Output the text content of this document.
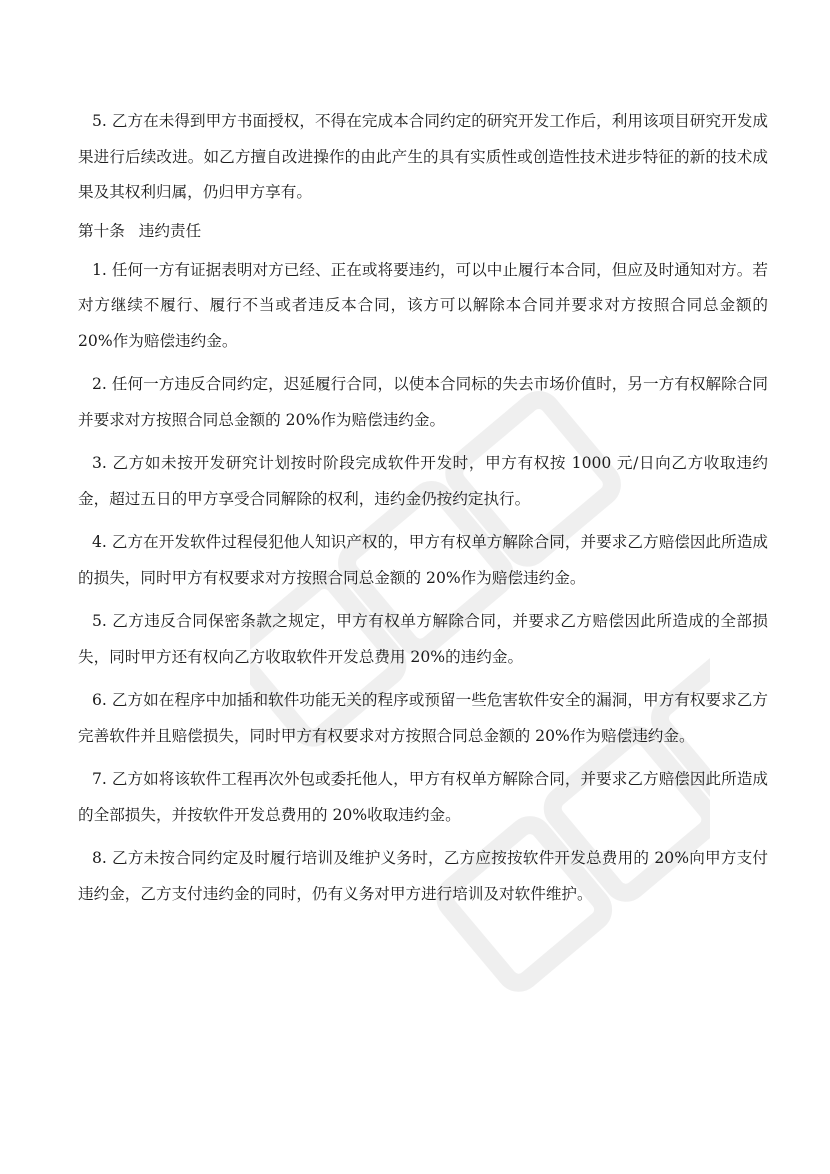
5. 乙方在未得到甲方书面授权，不得在完成本合同约定的研究开发工作后，利用该项目研究开发成果进行后续改进。如乙方擅自改进操作的由此产生的具有实质性或创造性技术进步特征的新的技术成果及其权利归属，仍归甲方享有。

第十条 违约责任

1. 任何一方有证据表明对方已经、正在或将要违约，可以中止履行本合同，但应及时通知对方。若对方继续不履行、履行不当或者违反本合同，该方可以解除本合同并要求对方按照合同总金额的 20%作为赔偿违约金。

2. 任何一方违反合同约定，迟延履行合同，以使本合同标的失去市场价值时，另一方有权解除合同并要求对方按照合同总金额的 20%作为赔偿违约金。

3. 乙方如未按开发研究计划按时阶段完成软件开发时，甲方有权按 1000 元/日向乙方收取违约金，超过五日的甲方享受合同解除的权利，违约金仍按约定执行。

4. 乙方在开发软件过程侵犯他人知识产权的，甲方有权单方解除合同，并要求乙方赔偿因此所造成的损失，同时甲方有权要求对方按照合同总金额的 20%作为赔偿违约金。

5. 乙方违反合同保密条款之规定，甲方有权单方解除合同，并要求乙方赔偿因此所造成的全部损失，同时甲方还有权向乙方收取软件开发总费用 20%的违约金。

6. 乙方如在程序中加插和软件功能无关的程序或预留一些危害软件安全的漏洞，甲方有权要求乙方完善软件并且赔偿损失，同时甲方有权要求对方按照合同总金额的 20%作为赔偿违约金。

7. 乙方如将该软件工程再次外包或委托他人，甲方有权单方解除合同，并要求乙方赔偿因此所造成的全部损失，并按软件开发总费用的 20%收取违约金。

8. 乙方未按合同约定及时履行培训及维护义务时，乙方应按按软件开发总费用的 20%向甲方支付违约金，乙方支付违约金的同时，仍有义务对甲方进行培训及对软件维护。
